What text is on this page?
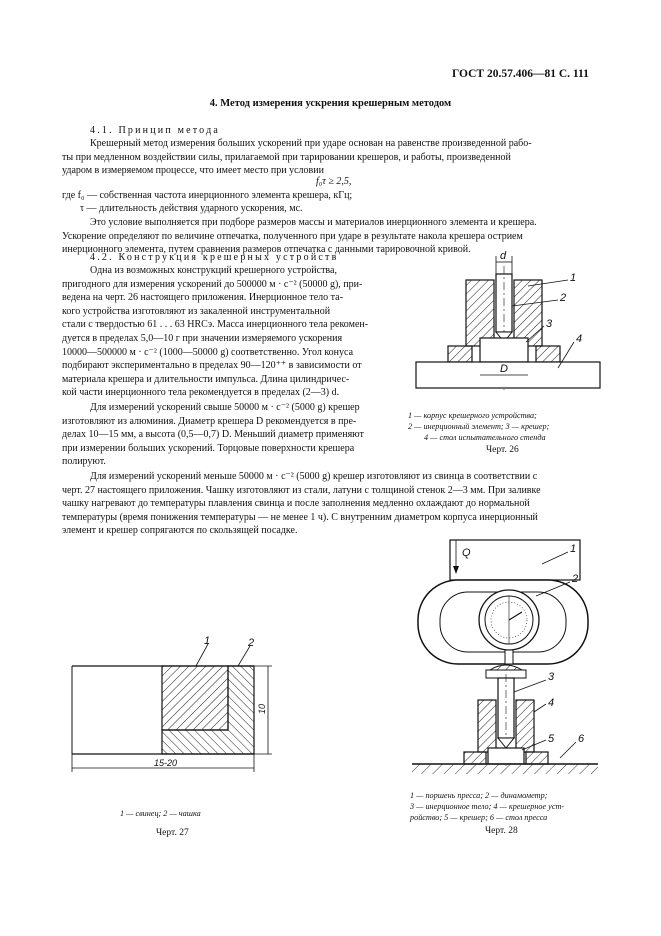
ГОСТ 20.57.406—81 С. 111
4. Метод измерения ускрения крешерным методом
4.1. Принцип метода
Крешерный метод измерения больших ускорений при ударе основан на равенстве произведенной рабо-
ты при медленном воздействии силы, прилагаемой при тарировании крешеров, и работы, произведенной
ударом в измеряемом процессе, что имеет место при условии
f₀τ ≥ 2,5,
где f₀ — собственная частота инерционного элемента крешера, кГц;
τ — длительность действия ударного ускорения, мс.
Это условие выполняется при подборе размеров массы и материалов инерционного элемента и крешера.
Ускорение определяют по величине отпечатка, полученного при ударе в результате накола крешера острием
инерционного элемента, путем сравнения размеров отпечатка с данными тарировочной кривой.
4.2. Конструкция крешерных устройств
Одна из возможных конструкций крешерного устройства,
пригодного для измерения ускорений до 500000 м · с⁻² (50000 g), при-
ведена на черт. 26 настоящего приложения. Инерционное тело та-
кого устройства изготовляют из закаленной инструментальной
стали с твердостью 61 . . . 63 HRCэ. Масса инерционного тела рекомен-
дуется в пределах 5,0—10 г при значении измеряемого ускорения
10000—500000 м · с⁻² (1000—50000 g) соответственно. Угол конуса
подбирают экспериментально в пределах 90—120⁺⁺ в зависимости от
материала крешера и длительности импульса. Длина цилиндричес-
кой части инерционного тела рекомендуется в пределах (2—3) d.
Для измерений ускорений свыше 50000 м · с⁻² (5000 g) крешер
изготовляют из алюминия. Диаметр крешера D рекомендуется в пре-
делах 10—15 мм, а высота (0,5—0,7) D. Меньший диаметр применяют
при измерении больших ускорений. Торцовые поверхности крешера
полируют.
Для измерений ускорений меньше 50000 м · с⁻² (5000 g) крешер изготовляют из свинца в соответствии с
черт. 27 настоящего приложения. Чашку изготовляют из стали, латуни с толщиной стенок 2—3 мм. При заливке
чашку нагревают до температуры плавления свинца и после заполнения медленно охлаждают до нормальной
температуры (время понижения температуры — не менее 1 ч). С внутренним диаметром корпуса инерционный
элемент и крешер сопрягаются по скользящей посадке.
d
D
1
2
3
4
1 — корпус крешерного устройства;
2 — инерционный элемент; 3 — крешер;
4 — стол испытательного стенда
Черт. 26
1	2
10
15-20
1 — свинец; 2 — чашка
Черт. 27
Q	1
2
3
4
5 6
1 — поршень пресса; 2 — динамометр;
3 — инерционное тело; 4 — крешерное уст-
ройство; 5 — крешер; 6 — стол пресса
Черт. 28
